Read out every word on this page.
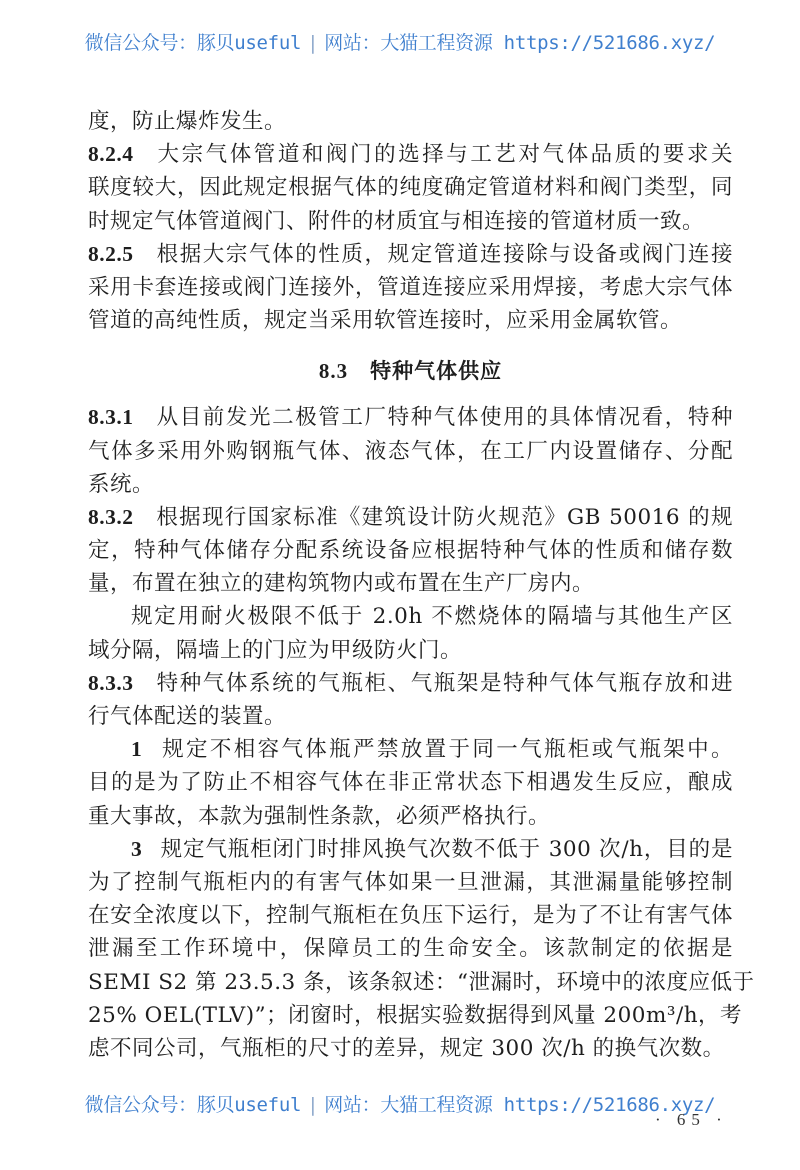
微信公众号：豚贝useful | 网站：大猫工程资源 https://521686.xyz/
度，防止爆炸发生。
8.2.4 大宗气体管道和阀门的选择与工艺对气体品质的要求关
联度较大，因此规定根据气体的纯度确定管道材料和阀门类型，同
时规定气体管道阀门、附件的材质宜与相连接的管道材质一致。
8.2.5 根据大宗气体的性质，规定管道连接除与设备或阀门连接
采用卡套连接或阀门连接外，管道连接应采用焊接，考虑大宗气体
管道的高纯性质，规定当采用软管连接时，应采用金属软管。
8.3 特种气体供应
8.3.1 从目前发光二极管工厂特种气体使用的具体情况看，特种
气体多采用外购钢瓶气体、液态气体，在工厂内设置储存、分配
系统。
8.3.2 根据现行国家标准《建筑设计防火规范》GB 50016 的规
定，特种气体储存分配系统设备应根据特种气体的性质和储存数
量，布置在独立的建构筑物内或布置在生产厂房内。
规定用耐火极限不低于 2.0h 不燃烧体的隔墙与其他生产区
域分隔，隔墙上的门应为甲级防火门。
8.3.3 特种气体系统的气瓶柜、气瓶架是特种气体气瓶存放和进
行气体配送的装置。
1 规定不相容气体瓶严禁放置于同一气瓶柜或气瓶架中。
目的是为了防止不相容气体在非正常状态下相遇发生反应，酿成
重大事故，本款为强制性条款，必须严格执行。
3 规定气瓶柜闭门时排风换气次数不低于 300 次/h，目的是
为了控制气瓶柜内的有害气体如果一旦泄漏，其泄漏量能够控制
在安全浓度以下，控制气瓶柜在负压下运行，是为了不让有害气体
泄漏至工作环境中，保障员工的生命安全。该款制定的依据是
SEMI S2 第 23.5.3 条，该条叙述：“泄漏时，环境中的浓度应低于
25% OEL(TLV)”；闭窗时，根据实验数据得到风量 200m³/h，考
虑不同公司，气瓶柜的尺寸的差异，规定 300 次/h 的换气次数。
微信公众号：豚贝useful | 网站：大猫工程资源 https://521686.xyz/
· 65 ·
